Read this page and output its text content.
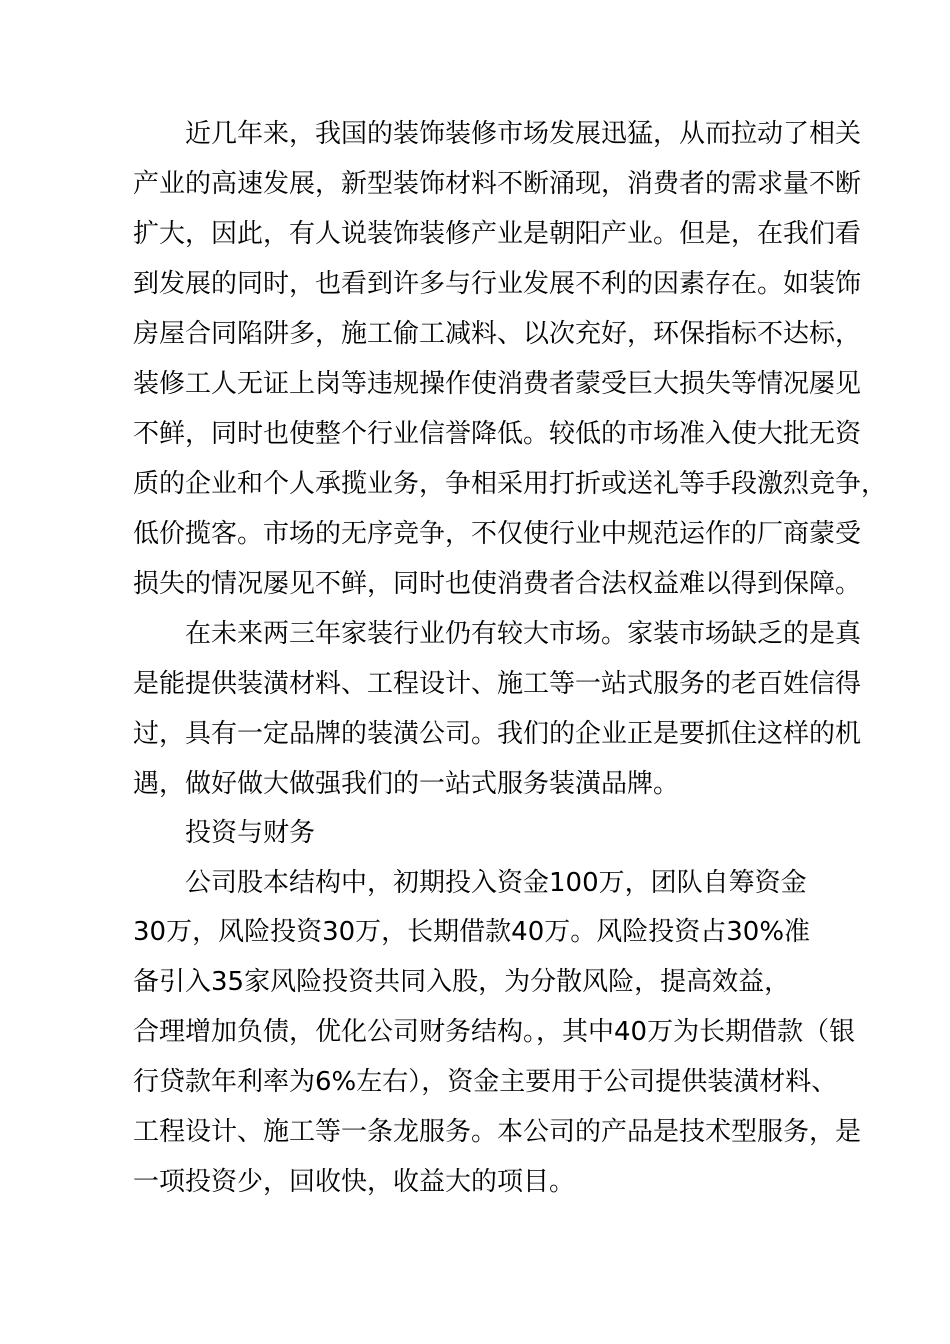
近几年来，我国的装饰装修市场发展迅猛，从而拉动了相关
产业的高速发展，新型装饰材料不断涌现，消费者的需求量不断
扩大，因此，有人说装饰装修产业是朝阳产业。但是，在我们看
到发展的同时，也看到许多与行业发展不利的因素存在。如装饰
房屋合同陷阱多，施工偷工减料、以次充好，环保指标不达标，
装修工人无证上岗等违规操作使消费者蒙受巨大损失等情况屡见
不鲜，同时也使整个行业信誉降低。较低的市场准入使大批无资
质的企业和个人承揽业务，争相采用打折或送礼等手段激烈竞争，
低价揽客。市场的无序竞争，不仅使行业中规范运作的厂商蒙受
损失的情况屡见不鲜，同时也使消费者合法权益难以得到保障。
在未来两三年家装行业仍有较大市场。家装市场缺乏的是真
是能提供装潢材料、工程设计、施工等一站式服务的老百姓信得
过，具有一定品牌的装潢公司。我们的企业正是要抓住这样的机
遇，做好做大做强我们的一站式服务装潢品牌。
投资与财务
公司股本结构中，初期投入资金100万，团队自筹资金
30万，风险投资30万，长期借款40万。风险投资占30%准
备引入35家风险投资共同入股，为分散风险，提高效益，
合理增加负债，优化公司财务结构。，其中40万为长期借款（银
行贷款年利率为6%左右），资金主要用于公司提供装潢材料、
工程设计、施工等一条龙服务。本公司的产品是技术型服务，是
一项投资少，回收快，收益大的项目。
